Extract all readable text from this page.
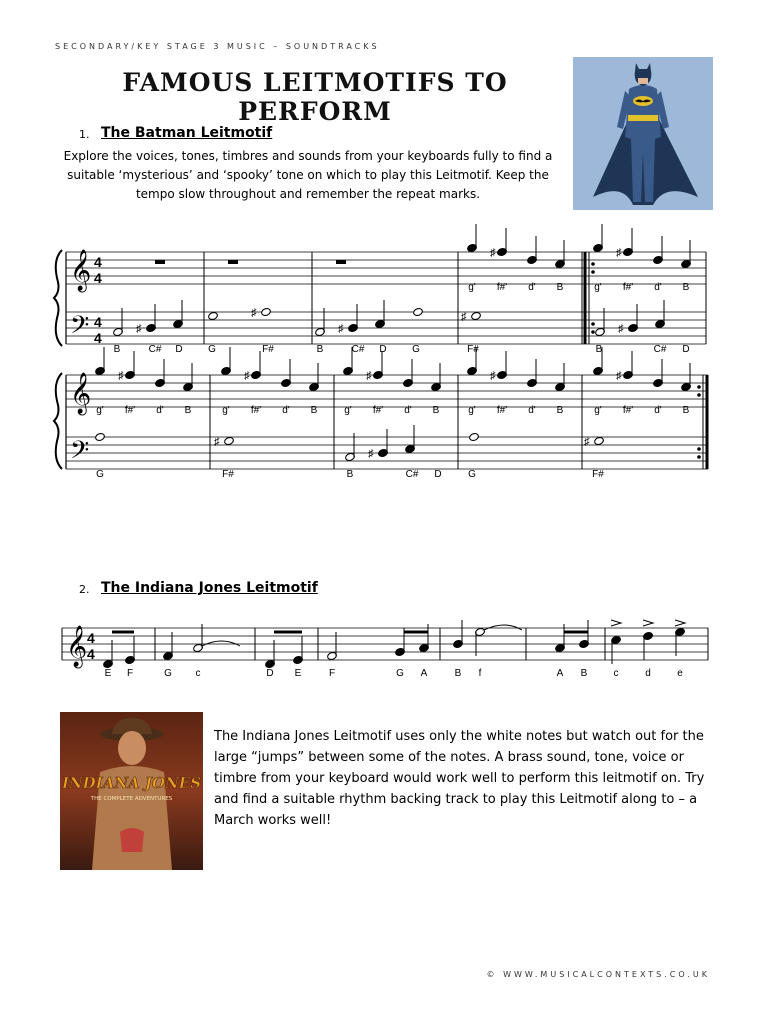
SECONDARY/KEY STAGE 3 MUSIC – SOUNDTRACKS
FAMOUS LEITMOTIFS TO PERFORM
1. The Batman Leitmotif
Explore the voices, tones, timbres and sounds from your keyboards fully to find a suitable ‘mysterious’ and ‘spooky’ tone on which to play this Leitmotif. Keep the tempo slow throughout and remember the repeat marks.
𝄞
𝄢
4
4
4
4
♯
g' f#' d' B
♯
g' f#' d' B
♯
♯
♯
♯
♯
B	C# D	G	F#	B	C# D	G	F#	B	C# D
𝄞
𝄢
♯
g' f#' d' B
♯
g' f#' d' B
♯
g' f#' d' B
♯
g' f#' d' B
♯
g' f#' d' B
♯
♯
♯
G	F#	B	C# D	G	F#
𝄞 4
4
E F	G c	D E	F	G A	B f	A B	c	d	e
2. The Indiana Jones Leitmotif
INDIANA JONES
THE COMPLETE ADVENTURES
The Indiana Jones Leitmotif uses only the white notes but watch out for the large “jumps” between some of the notes. A brass sound, tone, voice or timbre from your keyboard would work well to perform this leitmotif on. Try and find a suitable rhythm backing track to play this Leitmotif along to – a March works well!
© WWW.MUSICALCONTEXTS.CO.UK
